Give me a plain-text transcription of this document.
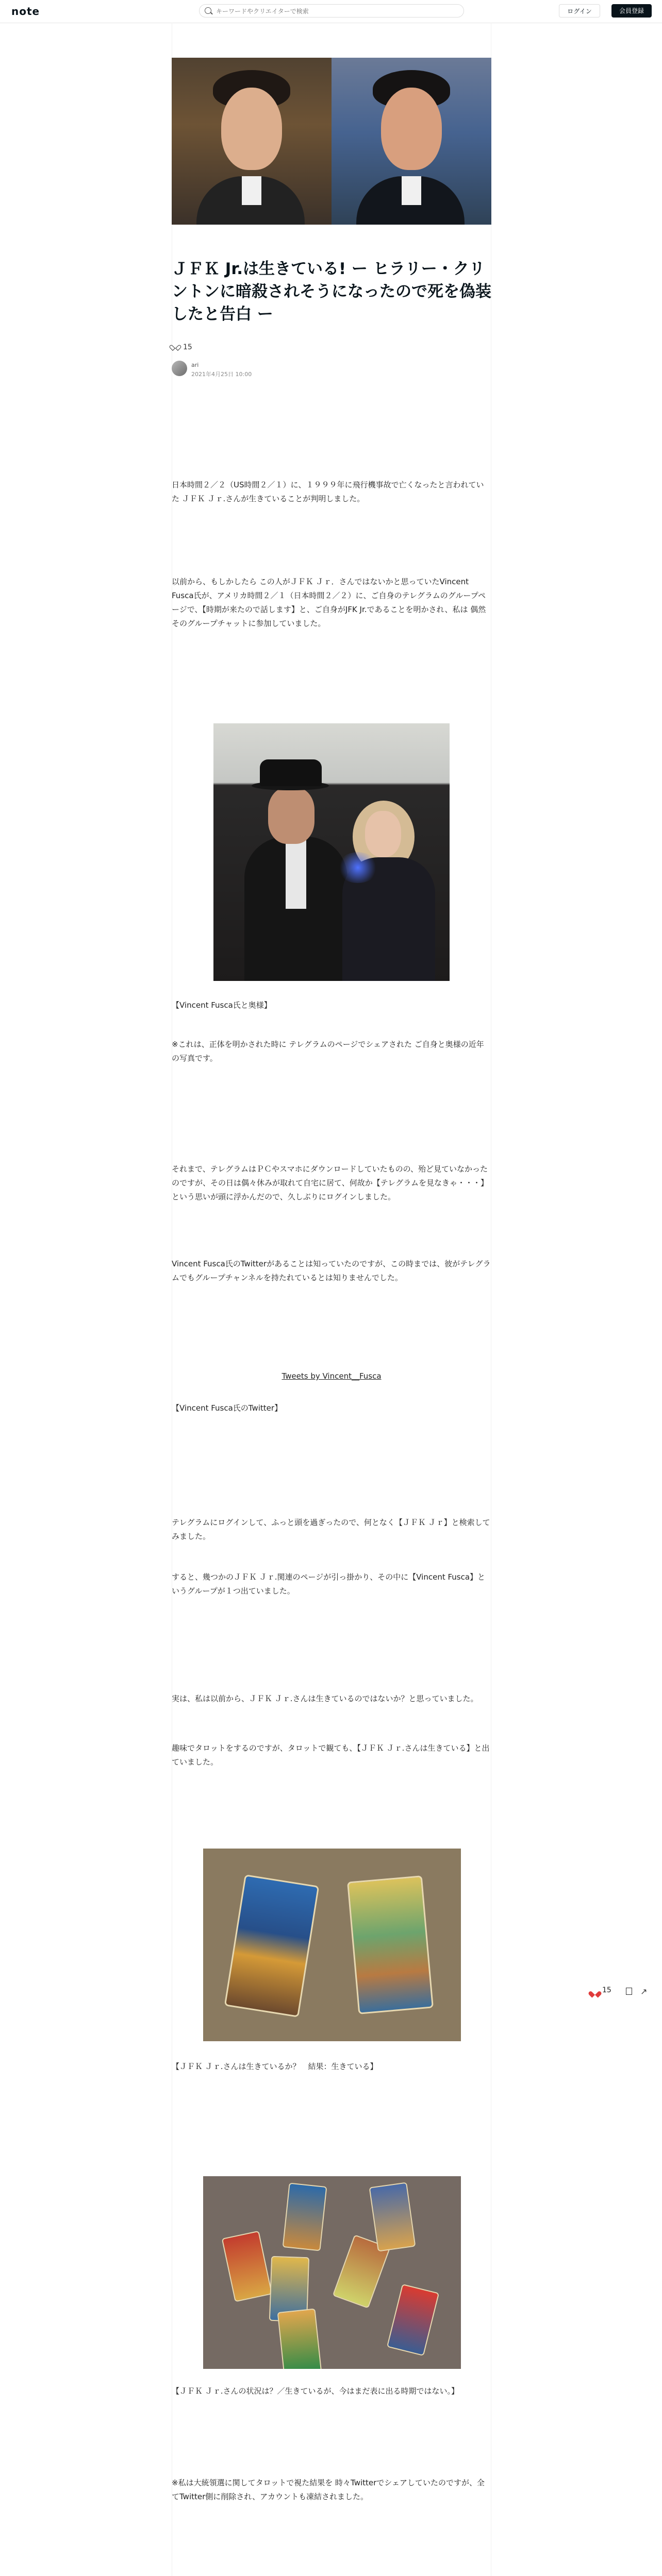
note
キーワードやクリエイターで検索	ログイン	会員登録
ＪＦＫ Jr.は生きている! ー ヒラリー・クリントンに暗殺されそうになったので死を偽装したと告白 ー
15
ari
2021年4月25日 10:00

日本時間２／２（US時間２／１）に、１９９９年に飛行機事故で亡くなったと言われていた ＪＦＫ Ｊｒ.さんが生きていることが判明しました。

以前から、もしかしたら この人がＪＦＫ Ｊｒ．さんではないかと思っていたVincent Fusca氏が、アメリカ時間２／１（日本時間２／２）に、ご自身のテレグラムのグループページで、【時期が来たので話します】と、ご自身がJFK Jr.であることを明かされ、私は 偶然そのグループチャットに参加していました。

【Vincent Fusca氏と奥様】

※これは、正体を明かされた時に テレグラムのページでシェアされた ご自身と奥様の近年の写真です。

それまで、テレグラムはＰＣやスマホにダウンロードしていたものの、殆ど見ていなかったのですが、その日は偶々休みが取れて自宅に居て、何故か【テレグラムを見なきゃ・・・】という思いが頭に浮かんだので、久しぶりにログインしました。

Vincent Fusca氏のTwitterがあることは知っていたのですが、この時までは、彼がテレグラムでもグループチャンネルを持たれているとは知りませんでした。

Tweets by Vincent__Fusca

【Vincent Fusca氏のTwitter】

テレグラムにログインして、ふっと頭を過ぎったので、何となく【ＪＦＫ Ｊｒ】と検索してみました。

すると、幾つかのＪＦＫ Ｊｒ.関連のページが引っ掛かり、その中に【Vincent Fusca】というグループが１つ出ていました。

実は、私は以前から、ＪＦＫ Ｊｒ.さんは生きているのではないか？と思っていました。

趣味でタロットをするのですが、タロットで観ても、【ＪＦＫ Ｊｒ.さんは生きている】と出ていました。

【ＪＦＫ Ｊｒ.さんは生きているか？　結果：生きている】

【ＪＦＫ Ｊｒ.さんの状況は？／生きているが、今はまだ表に出る時期ではない。】

※私は大統領選に関してタロットで視た結果を 時々Twitterでシェアしていたのですが、全てTwitter側に削除され、アカウントも凍結されました。

15	↗
